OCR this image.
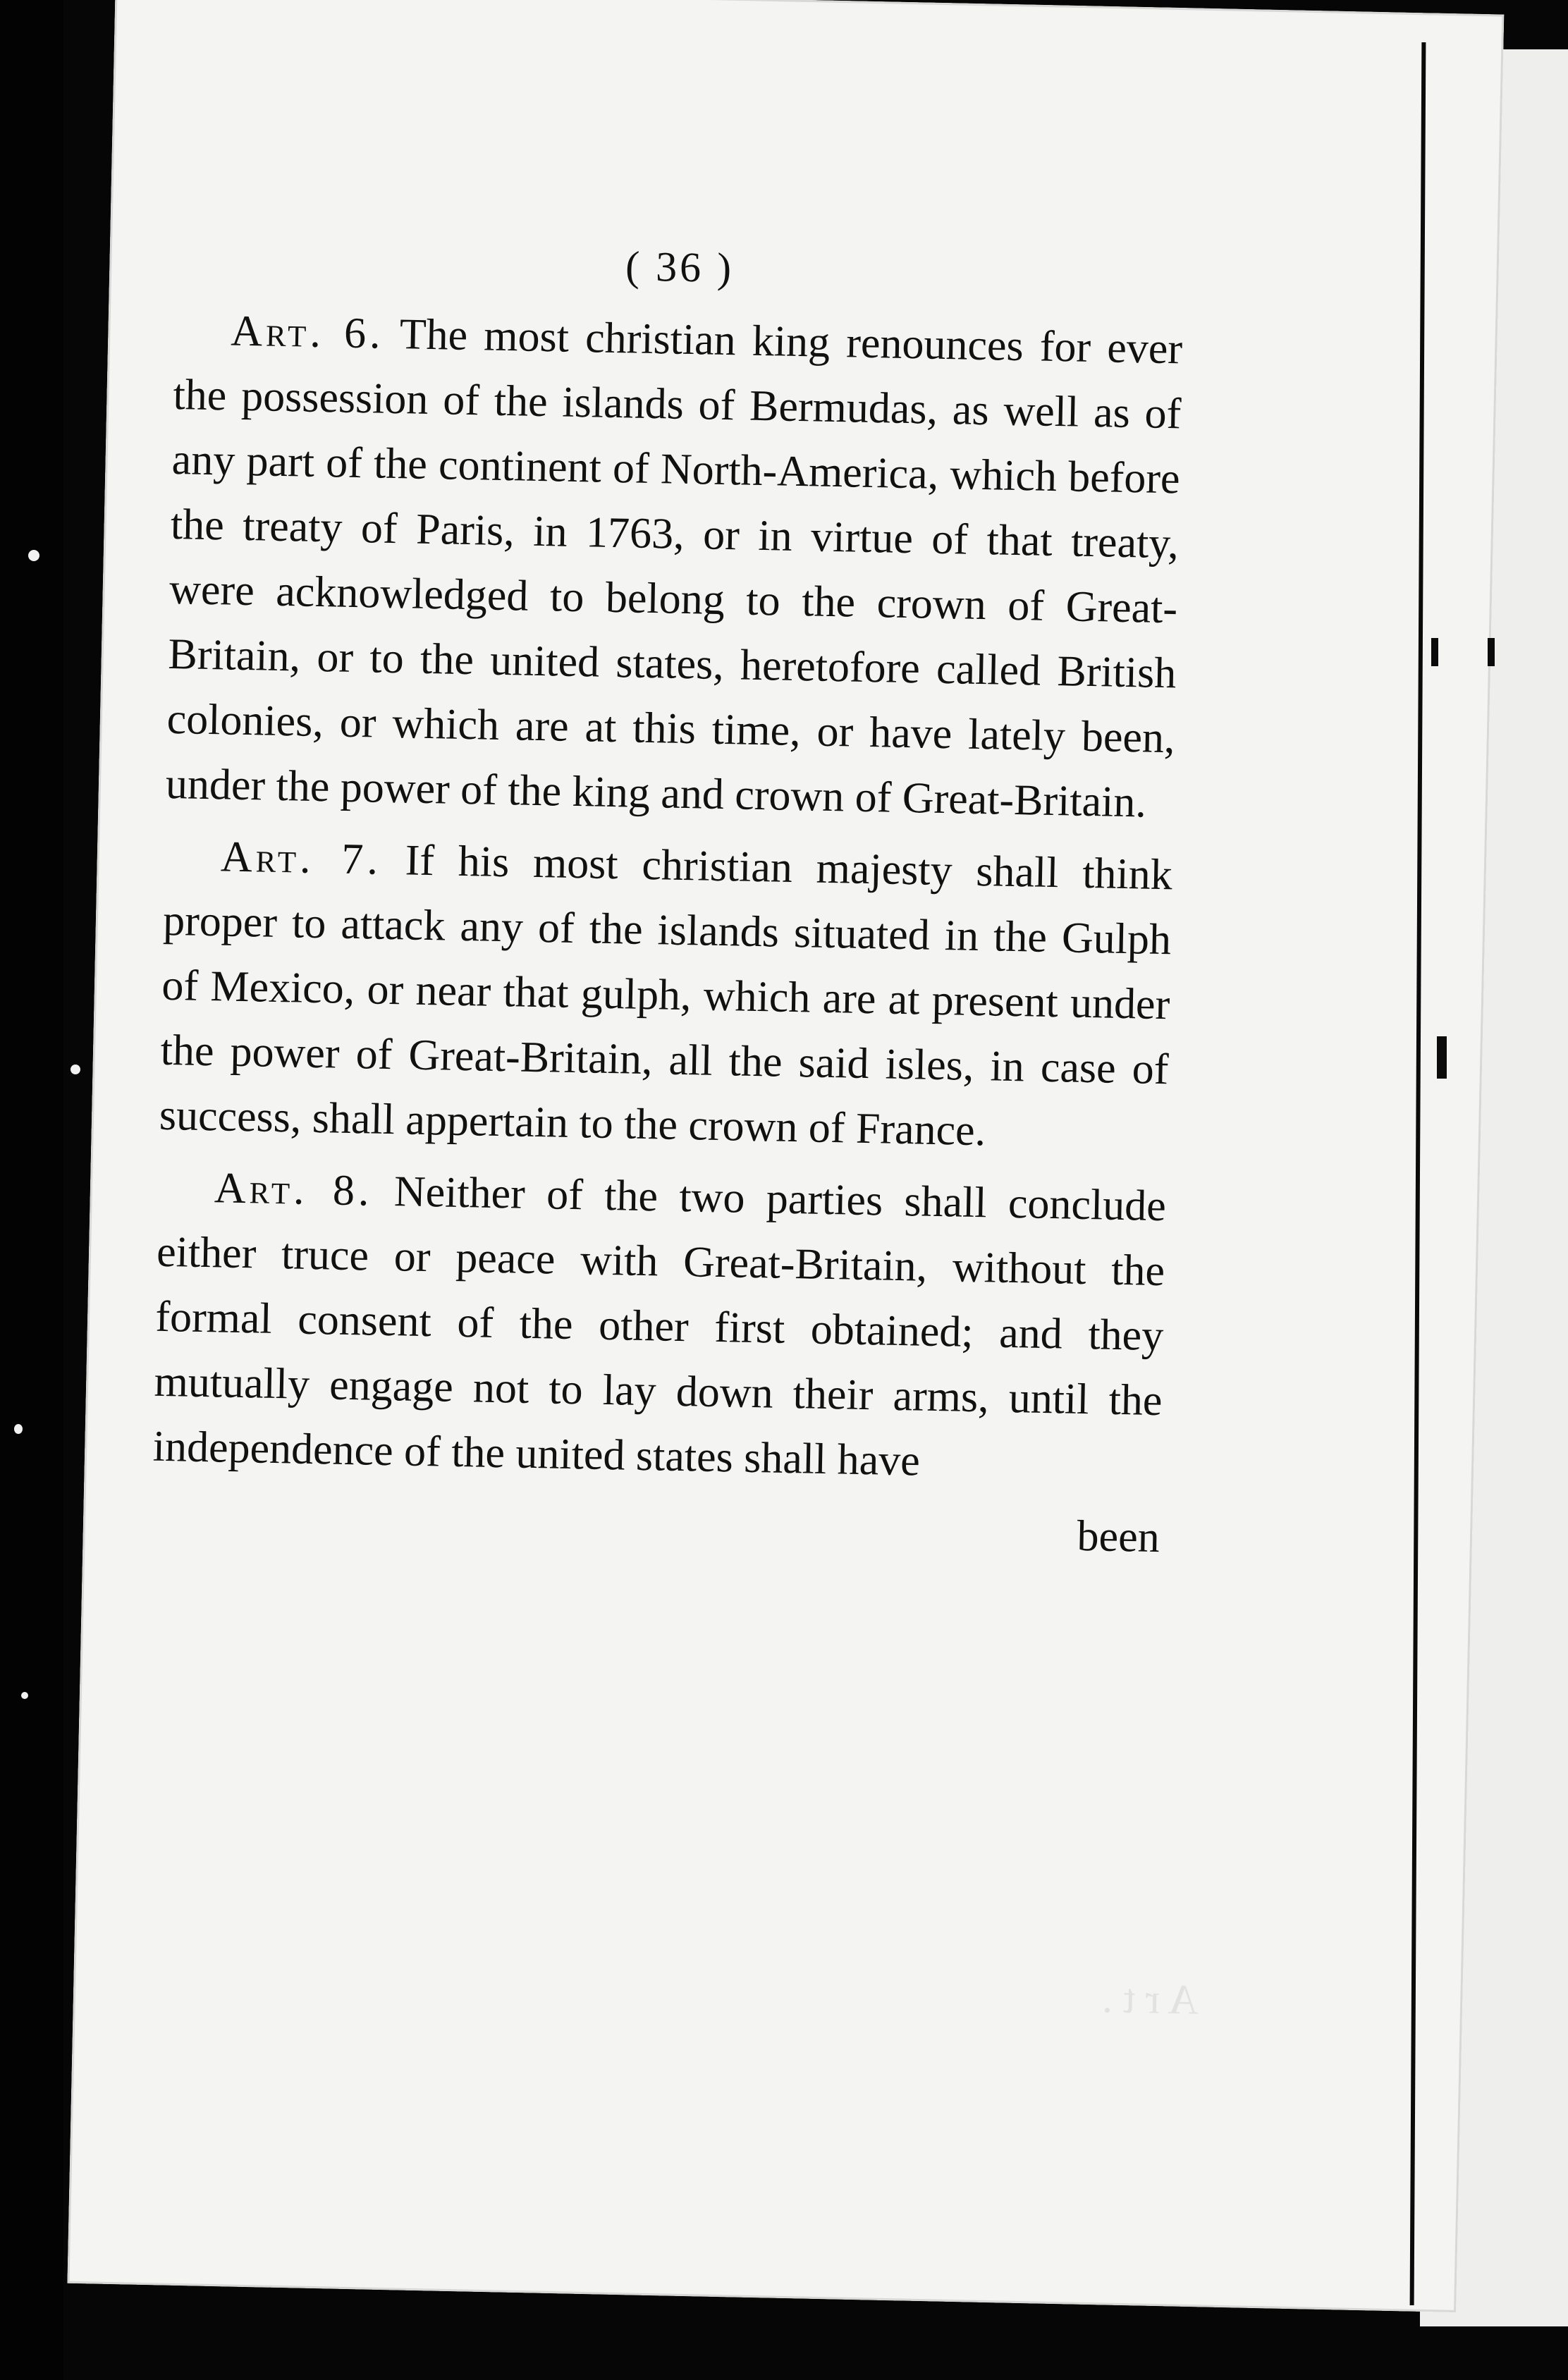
A r t .
( 36 )

Art. 6. The most christian king renounces for ever the possession of the islands of Bermudas, as well as of any part of the continent of North-America, which before the treaty of Paris, in 1763, or in virtue of that treaty, were acknowledged to belong to the crown of Great-Britain, or to the united states, heretofore called British colonies, or which are at this time, or have lately been, under the power of the king and crown of Great-Britain.

Art. 7. If his most christian majesty shall think proper to attack any of the islands situated in the Gulph of Mexico, or near that gulph, which are at present under the power of Great-Britain, all the said isles, in case of success, shall appertain to the crown of France.

Art. 8. Neither of the two parties shall conclude either truce or peace with Great-Britain, without the formal consent of the other first obtained; and they mutually engage not to lay down their arms, until the independence of the united states shall have

been
